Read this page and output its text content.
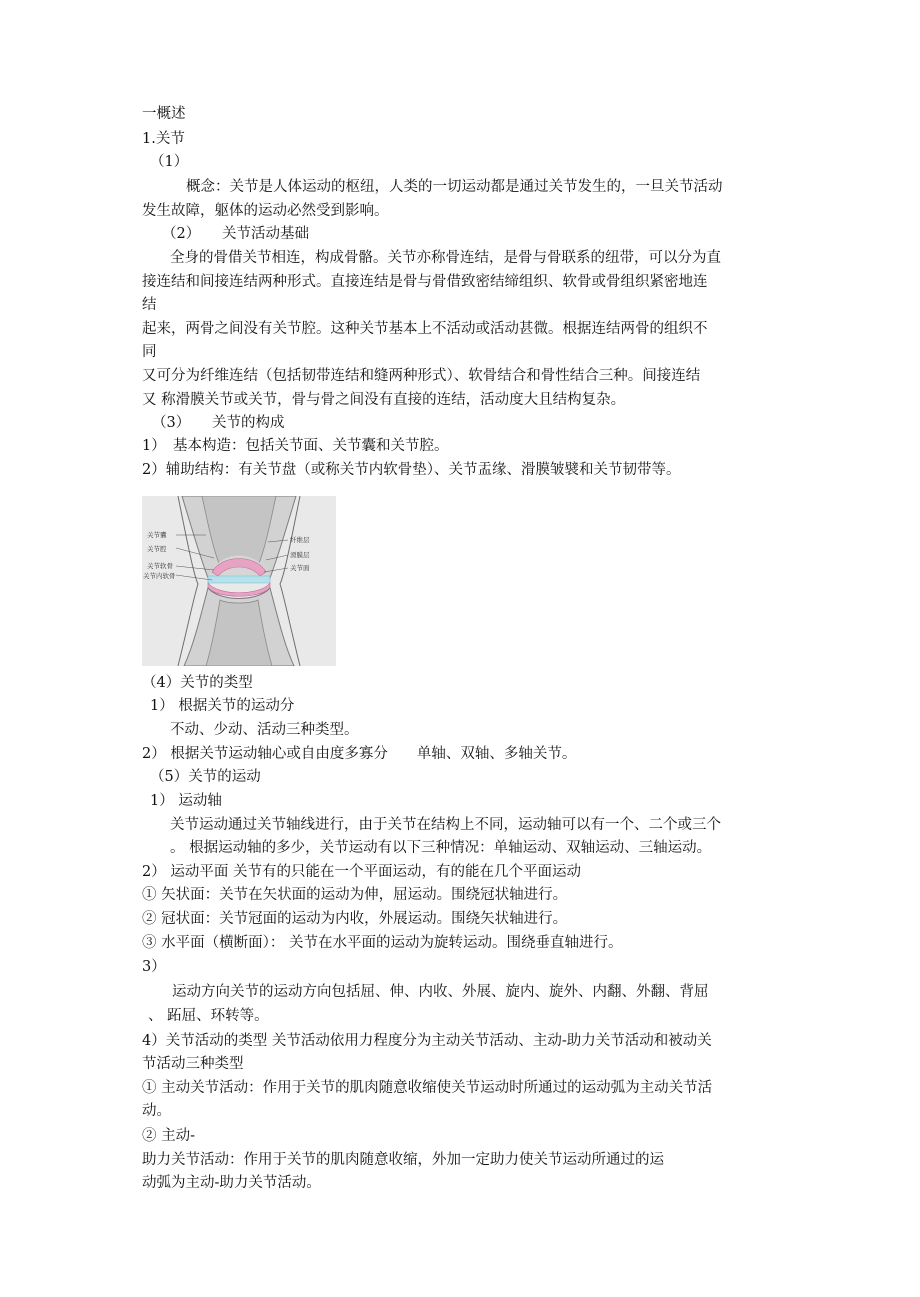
一概述
1.关节
（1）
概念：关节是人体运动的枢纽，人类的一切运动都是通过关节发生的，一旦关节活动
发生故障，躯体的运动必然受到影响。
（2）　　关节活动基础
全身的骨借关节相连，构成骨骼。关节亦称骨连结，是骨与骨联系的纽带，可以分为直
接连结和间接连结两种形式。直接连结是骨与骨借致密结缔组织、软骨或骨组织紧密地连
结
起来，两骨之间没有关节腔。这种关节基本上不活动或活动甚微。根据连结两骨的组织不
同
又可分为纤维连结（包括韧带连结和缝两种形式）、软骨结合和骨性结合三种。间接连结
又 称滑膜关节或关节，骨与骨之间没有直接的连结，活动度大且结构复杂。
（3）　　关节的构成
1）　基本构造：包括关节面、关节囊和关节腔。
2）辅助结构：有关节盘（或称关节内软骨垫）、关节盂缘、滑膜皱襞和关节韧带等。
关节囊
关节腔
关节软骨
关节内软骨
纤维层
滑膜层
关节面
（4）关节的类型
1） 根据关节的运动分
不动、少动、活动三种类型。
2） 根据关节运动轴心或自由度多寡分　　单轴、双轴、多轴关节。
（5）关节的运动
1） 运动轴
关节运动通过关节轴线进行，由于关节在结构上不同，运动轴可以有一个、二个或三个
。 根据运动轴的多少，关节运动有以下三种情况：单轴运动、双轴运动、三轴运动。
2） 运动平面 关节有的只能在一个平面运动，有的能在几个平面运动
① 矢状面：关节在矢状面的运动为伸，屈运动。围绕冠状轴进行。
② 冠状面：关节冠面的运动为内收，外展运动。围绕矢状轴进行。
③ 水平面（横断面）： 关节在水平面的运动为旋转运动。围绕垂直轴进行。
3）
运动方向关节的运动方向包括屈、伸、内收、外展、旋内、旋外、内翻、外翻、背屈
、 跖屈、环转等。
4）关节活动的类型 关节活动依用力程度分为主动关节活动、主动-助力关节活动和被动关
节活动三种类型
① 主动关节活动：作用于关节的肌肉随意收缩使关节运动时所通过的运动弧为主动关节活
动。
② 主动-
助力关节活动：作用于关节的肌肉随意收缩，外加一定助力使关节运动所通过的运
动弧为主动-助力关节活动。
